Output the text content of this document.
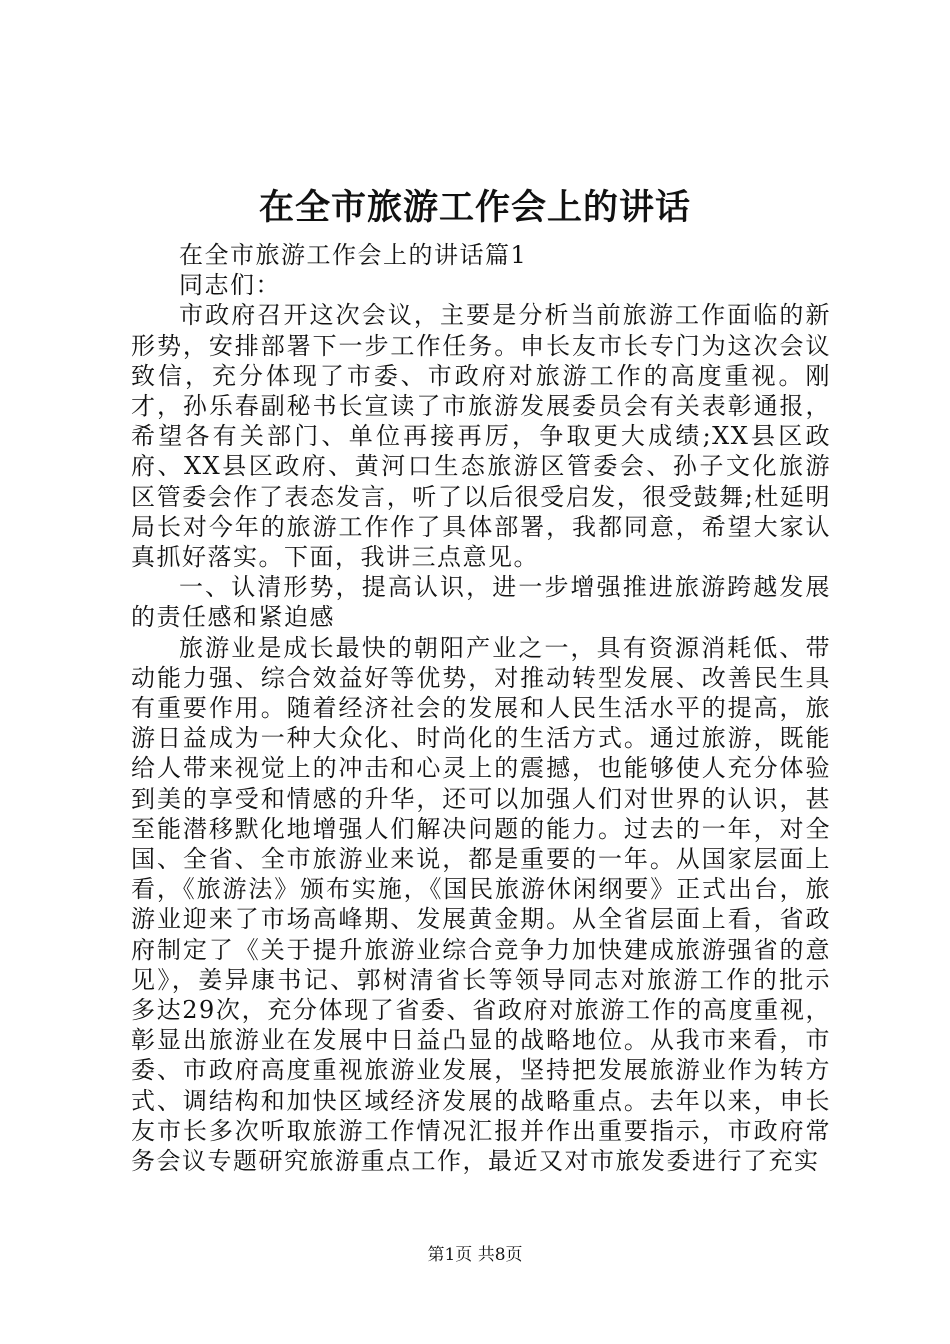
在全市旅游工作会上的讲话

在全市旅游工作会上的讲话篇1

同志们：

市政府召开这次会议，主要是分析当前旅游工作面临的新形势，安排部署下一步工作任务。申长友市长专门为这次会议致信，充分体现了市委、市政府对旅游工作的高度重视。刚才，孙乐春副秘书长宣读了市旅游发展委员会有关表彰通报，希望各有关部门、单位再接再厉，争取更大成绩;XX县区政府、XX县区政府、黄河口生态旅游区管委会、孙子文化旅游区管委会作了表态发言，听了以后很受启发，很受鼓舞;杜延明局长对今年的旅游工作作了具体部署，我都同意，希望大家认真抓好落实。下面，我讲三点意见。

一、认清形势，提高认识，进一步增强推进旅游跨越发展的责任感和紧迫感

旅游业是成长最快的朝阳产业之一，具有资源消耗低、带动能力强、综合效益好等优势，对推动转型发展、改善民生具有重要作用。随着经济社会的发展和人民生活水平的提高，旅游日益成为一种大众化、时尚化的生活方式。通过旅游，既能给人带来视觉上的冲击和心灵上的震撼，也能够使人充分体验到美的享受和情感的升华，还可以加强人们对世界的认识，甚至能潜移默化地增强人们解决问题的能力。过去的一年，对全国、全省、全市旅游业来说，都是重要的一年。从国家层面上看，《旅游法》颁布实施，《国民旅游休闲纲要》正式出台，旅游业迎来了市场高峰期、发展黄金期。从全省层面上看，省政府制定了《关于提升旅游业综合竞争力加快建成旅游强省的意见》，姜异康书记、郭树清省长等领导同志对旅游工作的批示多达29次，充分体现了省委、省政府对旅游工作的高度重视，彰显出旅游业在发展中日益凸显的战略地位。从我市来看，市委、市政府高度重视旅游业发展，坚持把发展旅游业作为转方式、调结构和加快区域经济发展的战略重点。去年以来，申长友市长多次听取旅游工作情况汇报并作出重要指示，市政府常务会议专题研究旅游重点工作，最近又对市旅发委进行了充实

第1页 共8页
